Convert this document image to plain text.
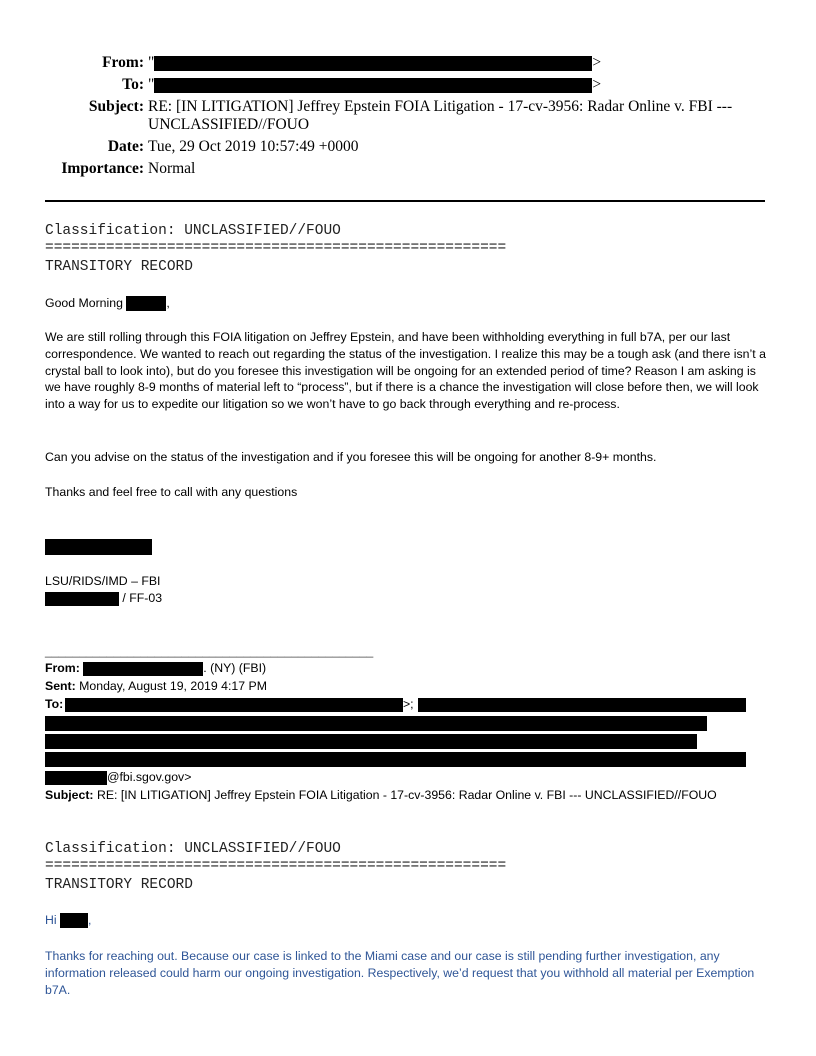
From: "	>
To: "	>
Subject: RE: [IN LITIGATION] Jeffrey Epstein FOIA Litigation - 17-cv-3956: Radar Online v. FBI ---
UNCLASSIFIED//FOUO
Date: Tue, 29 Oct 2019 10:57:49 +0000
Importance: Normal
Classification: UNCLASSIFIED//FOUO
=====================================================
TRANSITORY RECORD
Good Morning	,

We are still rolling through this FOIA litigation on Jeffrey Epstein, and have been withholding everything in full b7A, per our last correspondence. We wanted to reach out regarding the status of the investigation. I realize this may be a tough ask (and there isn’t a crystal ball to look into), but do you foresee this investigation will be ongoing for an extended period of time? Reason I am asking is we have roughly 8-9 months of material left to “process”, but if there is a chance the investigation will close before then, we will look into a way for us to expedite our litigation so we won’t have to go back through everything and re-process.

Can you advise on the status of the investigation and if you foresee this will be ongoing for another 8-9+ months.
Thanks and feel free to call with any questions
LSU/RIDS/IMD – FBI
/ FF-03
________________________________________________
From:	. (NY) (FBI)
Sent: Monday, August 19, 2019 4:17 PM
To:	>;
@fbi.sgov.gov>
Subject: RE: [IN LITIGATION] Jeffrey Epstein FOIA Litigation - 17-cv-3956: Radar Online v. FBI --- UNCLASSIFIED//FOUO
Classification: UNCLASSIFIED//FOUO
=====================================================
TRANSITORY RECORD
Hi ,
Thanks for reaching out. Because our case is linked to the Miami case and our case is still pending further investigation, any information released could harm our ongoing investigation. Respectively, we’d request that you withhold all material per Exemption b7A.
